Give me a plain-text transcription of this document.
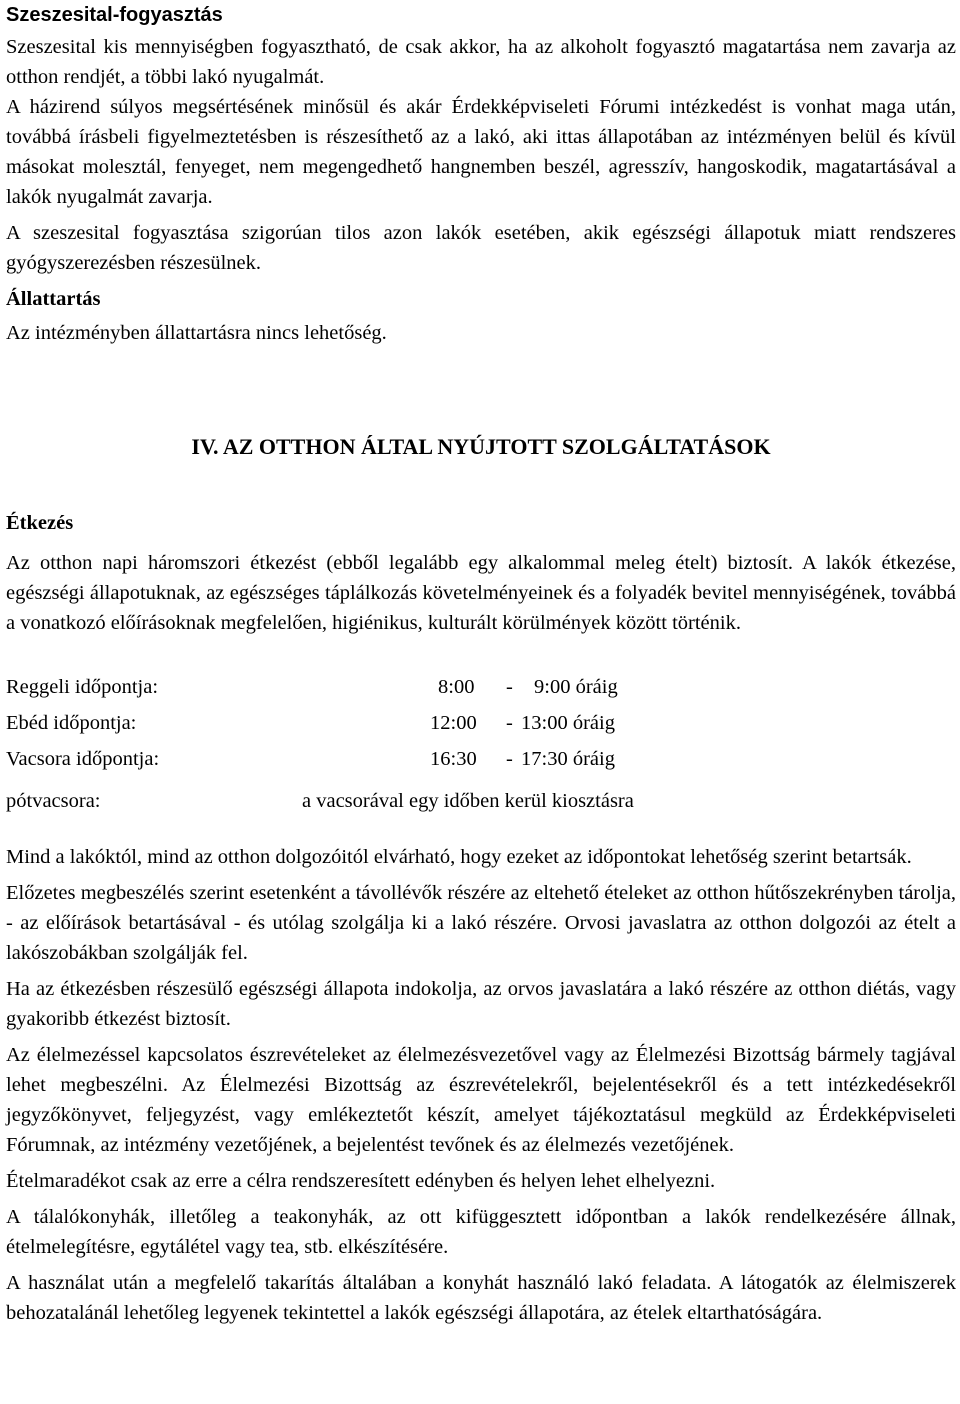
Szeszesital-fogyasztás

Szeszesital kis mennyiségben fogyasztható, de csak akkor, ha az alkoholt fogyasztó magatartása nem zavarja az otthon rendjét, a többi lakó nyugalmát.

A házirend súlyos megsértésének minősül és akár Érdekképviseleti Fórumi intézkedést is vonhat maga után, továbbá írásbeli figyelmeztetésben is részesíthető az a lakó, aki ittas állapotában az intézményen belül és kívül másokat molesztál, fenyeget, nem megengedhető hangnemben beszél, agresszív, hangoskodik, magatartásával a lakók nyugalmát zavarja.

A szeszesital fogyasztása szigorúan tilos azon lakók esetében, akik egészségi állapotuk miatt rendszeres gyógyszerezésben részesülnek.

Állattartás

Az intézményben állattartásra nincs lehetőség.

IV. AZ OTTHON ÁLTAL NYÚJTOTT SZOLGÁLTATÁSOK
Étkezés

Az otthon napi háromszori étkezést (ebből legalább egy alkalommal meleg ételt) biztosít. A lakók étkezése, egészségi állapotuknak, az egészséges táplálkozás követelményeinek és a folyadék bevitel mennyiségének, továbbá a vonatkozó előírásoknak megfelelően, higiénikus, kulturált körülmények között történik.

Reggeli időpontja:	8:00 - 9:00 óráig
Ebéd időpontja:	12:00 - 13:00 óráig
Vacsora időpontja:	16:30 - 17:30 óráig
pótvacsora:	a vacsorával egy időben kerül kiosztásra

Mind a lakóktól, mind az otthon dolgozóitól elvárható, hogy ezeket az időpontokat lehetőség szerint betartsák.

Előzetes megbeszélés szerint esetenként a távollévők részére az eltehető ételeket az otthon hűtőszekrényben tárolja, - az előírások betartásával - és utólag szolgálja ki a lakó részére. Orvosi javaslatra az otthon dolgozói az ételt a lakószobákban szolgálják fel.

Ha az étkezésben részesülő egészségi állapota indokolja, az orvos javaslatára a lakó részére az otthon diétás, vagy gyakoribb étkezést biztosít.

Az élelmezéssel kapcsolatos észrevételeket az élelmezésvezetővel vagy az Élelmezési Bizottság bármely tagjával lehet megbeszélni. Az Élelmezési Bizottság az észrevételekről, bejelentésekről és a tett intézkedésekről jegyzőkönyvet, feljegyzést, vagy emlékeztetőt készít, amelyet tájékoztatásul megküld az Érdekképviseleti Fórumnak, az intézmény vezetőjének, a bejelentést tevőnek és az élelmezés vezetőjének.

Ételmaradékot csak az erre a célra rendszeresített edényben és helyen lehet elhelyezni.

A tálalókonyhák, illetőleg a teakonyhák, az ott kifüggesztett időpontban a lakók rendelkezésére állnak, ételmelegítésre, egytálétel vagy tea, stb. elkészítésére.

A használat után a megfelelő takarítás általában a konyhát használó lakó feladata. A látogatók az élelmiszerek behozatalánál lehetőleg legyenek tekintettel a lakók egészségi állapotára, az ételek eltarthatóságára.
